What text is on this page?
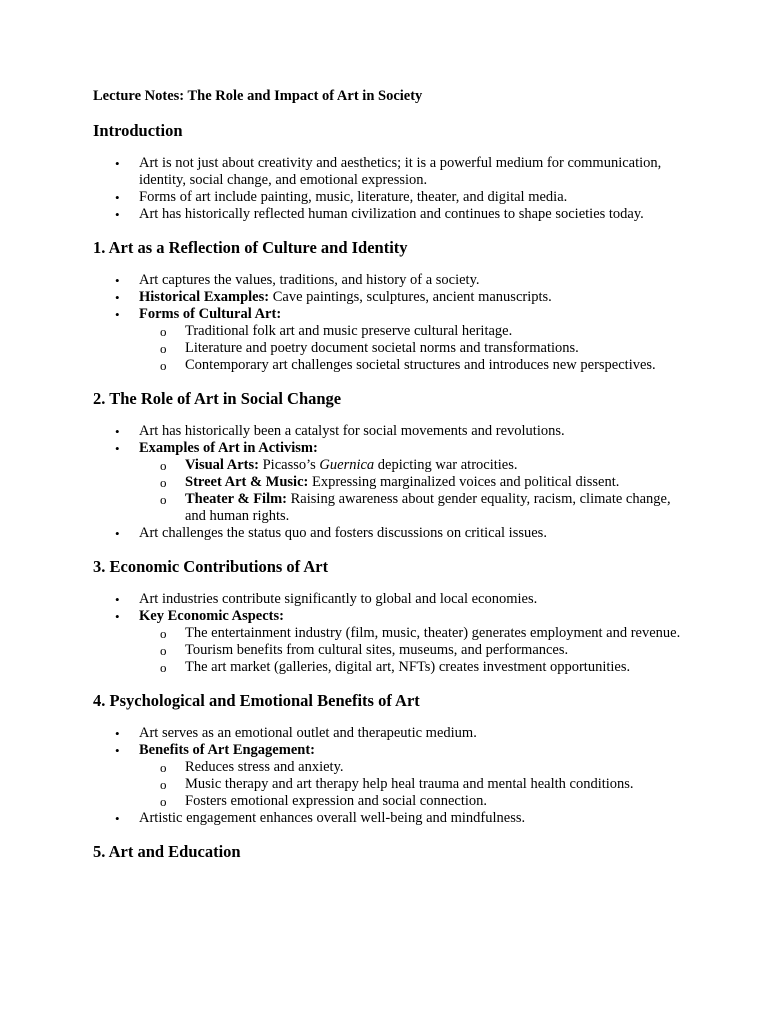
Lecture Notes: The Role and Impact of Art in Society

Introduction
• Art is not just about creativity and aesthetics; it is a powerful medium for communication, identity, social change, and emotional expression.
• Forms of art include painting, music, literature, theater, and digital media.
• Art has historically reflected human civilization and continues to shape societies today.
1. Art as a Reflection of Culture and Identity
• Art captures the values, traditions, and history of a society.
• Historical Examples: Cave paintings, sculptures, ancient manuscripts.
• Forms of Cultural Art:
o Traditional folk art and music preserve cultural heritage.
o Literature and poetry document societal norms and transformations.
o Contemporary art challenges societal structures and introduces new perspectives.
2. The Role of Art in Social Change
• Art has historically been a catalyst for social movements and revolutions.
• Examples of Art in Activism:
o Visual Arts: Picasso’s Guernica depicting war atrocities.
o Street Art & Music: Expressing marginalized voices and political dissent.
o Theater & Film: Raising awareness about gender equality, racism, climate change, and human rights.
• Art challenges the status quo and fosters discussions on critical issues.
3. Economic Contributions of Art
• Art industries contribute significantly to global and local economies.
• Key Economic Aspects:
o The entertainment industry (film, music, theater) generates employment and revenue.
o Tourism benefits from cultural sites, museums, and performances.
o The art market (galleries, digital art, NFTs) creates investment opportunities.
4. Psychological and Emotional Benefits of Art
• Art serves as an emotional outlet and therapeutic medium.
• Benefits of Art Engagement:
o Reduces stress and anxiety.
o Music therapy and art therapy help heal trauma and mental health conditions.
o Fosters emotional expression and social connection.
• Artistic engagement enhances overall well-being and mindfulness.
5. Art and Education
